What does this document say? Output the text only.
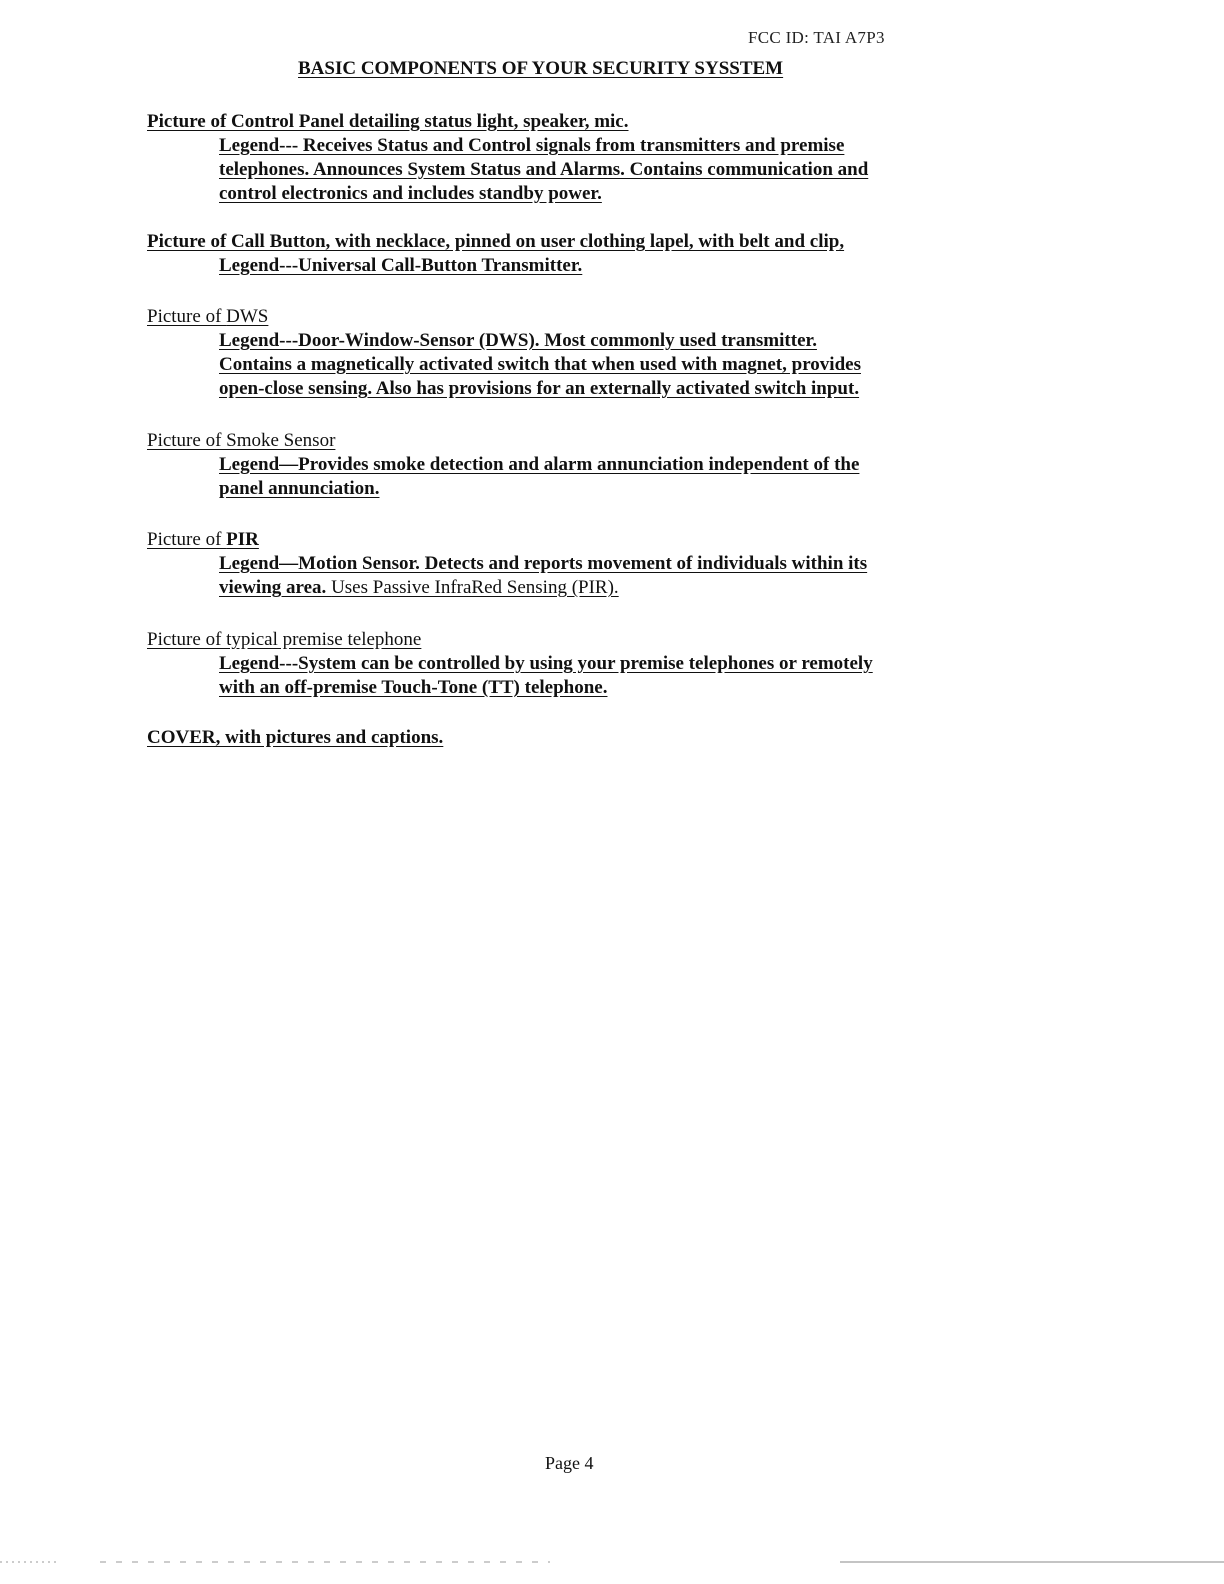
FCC ID: TAI A7P3
BASIC COMPONENTS OF YOUR SECURITY SYSSTEM
Picture of Control Panel detailing status light, speaker, mic.
Legend--- Receives Status and Control signals from transmitters and premise
telephones. Announces System Status and Alarms. Contains communication and
control electronics and includes standby power.
Picture of Call Button, with necklace, pinned on user clothing lapel, with belt and clip,
Legend---Universal Call-Button Transmitter.
Picture of DWS
Legend---Door-Window-Sensor (DWS). Most commonly used transmitter.
Contains a magnetically activated switch that when used with magnet, provides
open-close sensing. Also has provisions for an externally activated switch input.
Picture of Smoke Sensor
Legend—Provides smoke detection and alarm annunciation independent of the
panel annunciation.
Picture of PIR
Legend—Motion Sensor. Detects and reports movement of individuals within its
viewing area. Uses Passive InfraRed Sensing (PIR).
Picture of typical premise telephone
Legend---System can be controlled by using your premise telephones or remotely
with an off-premise Touch-Tone (TT) telephone.
COVER, with pictures and captions.
Page 4
